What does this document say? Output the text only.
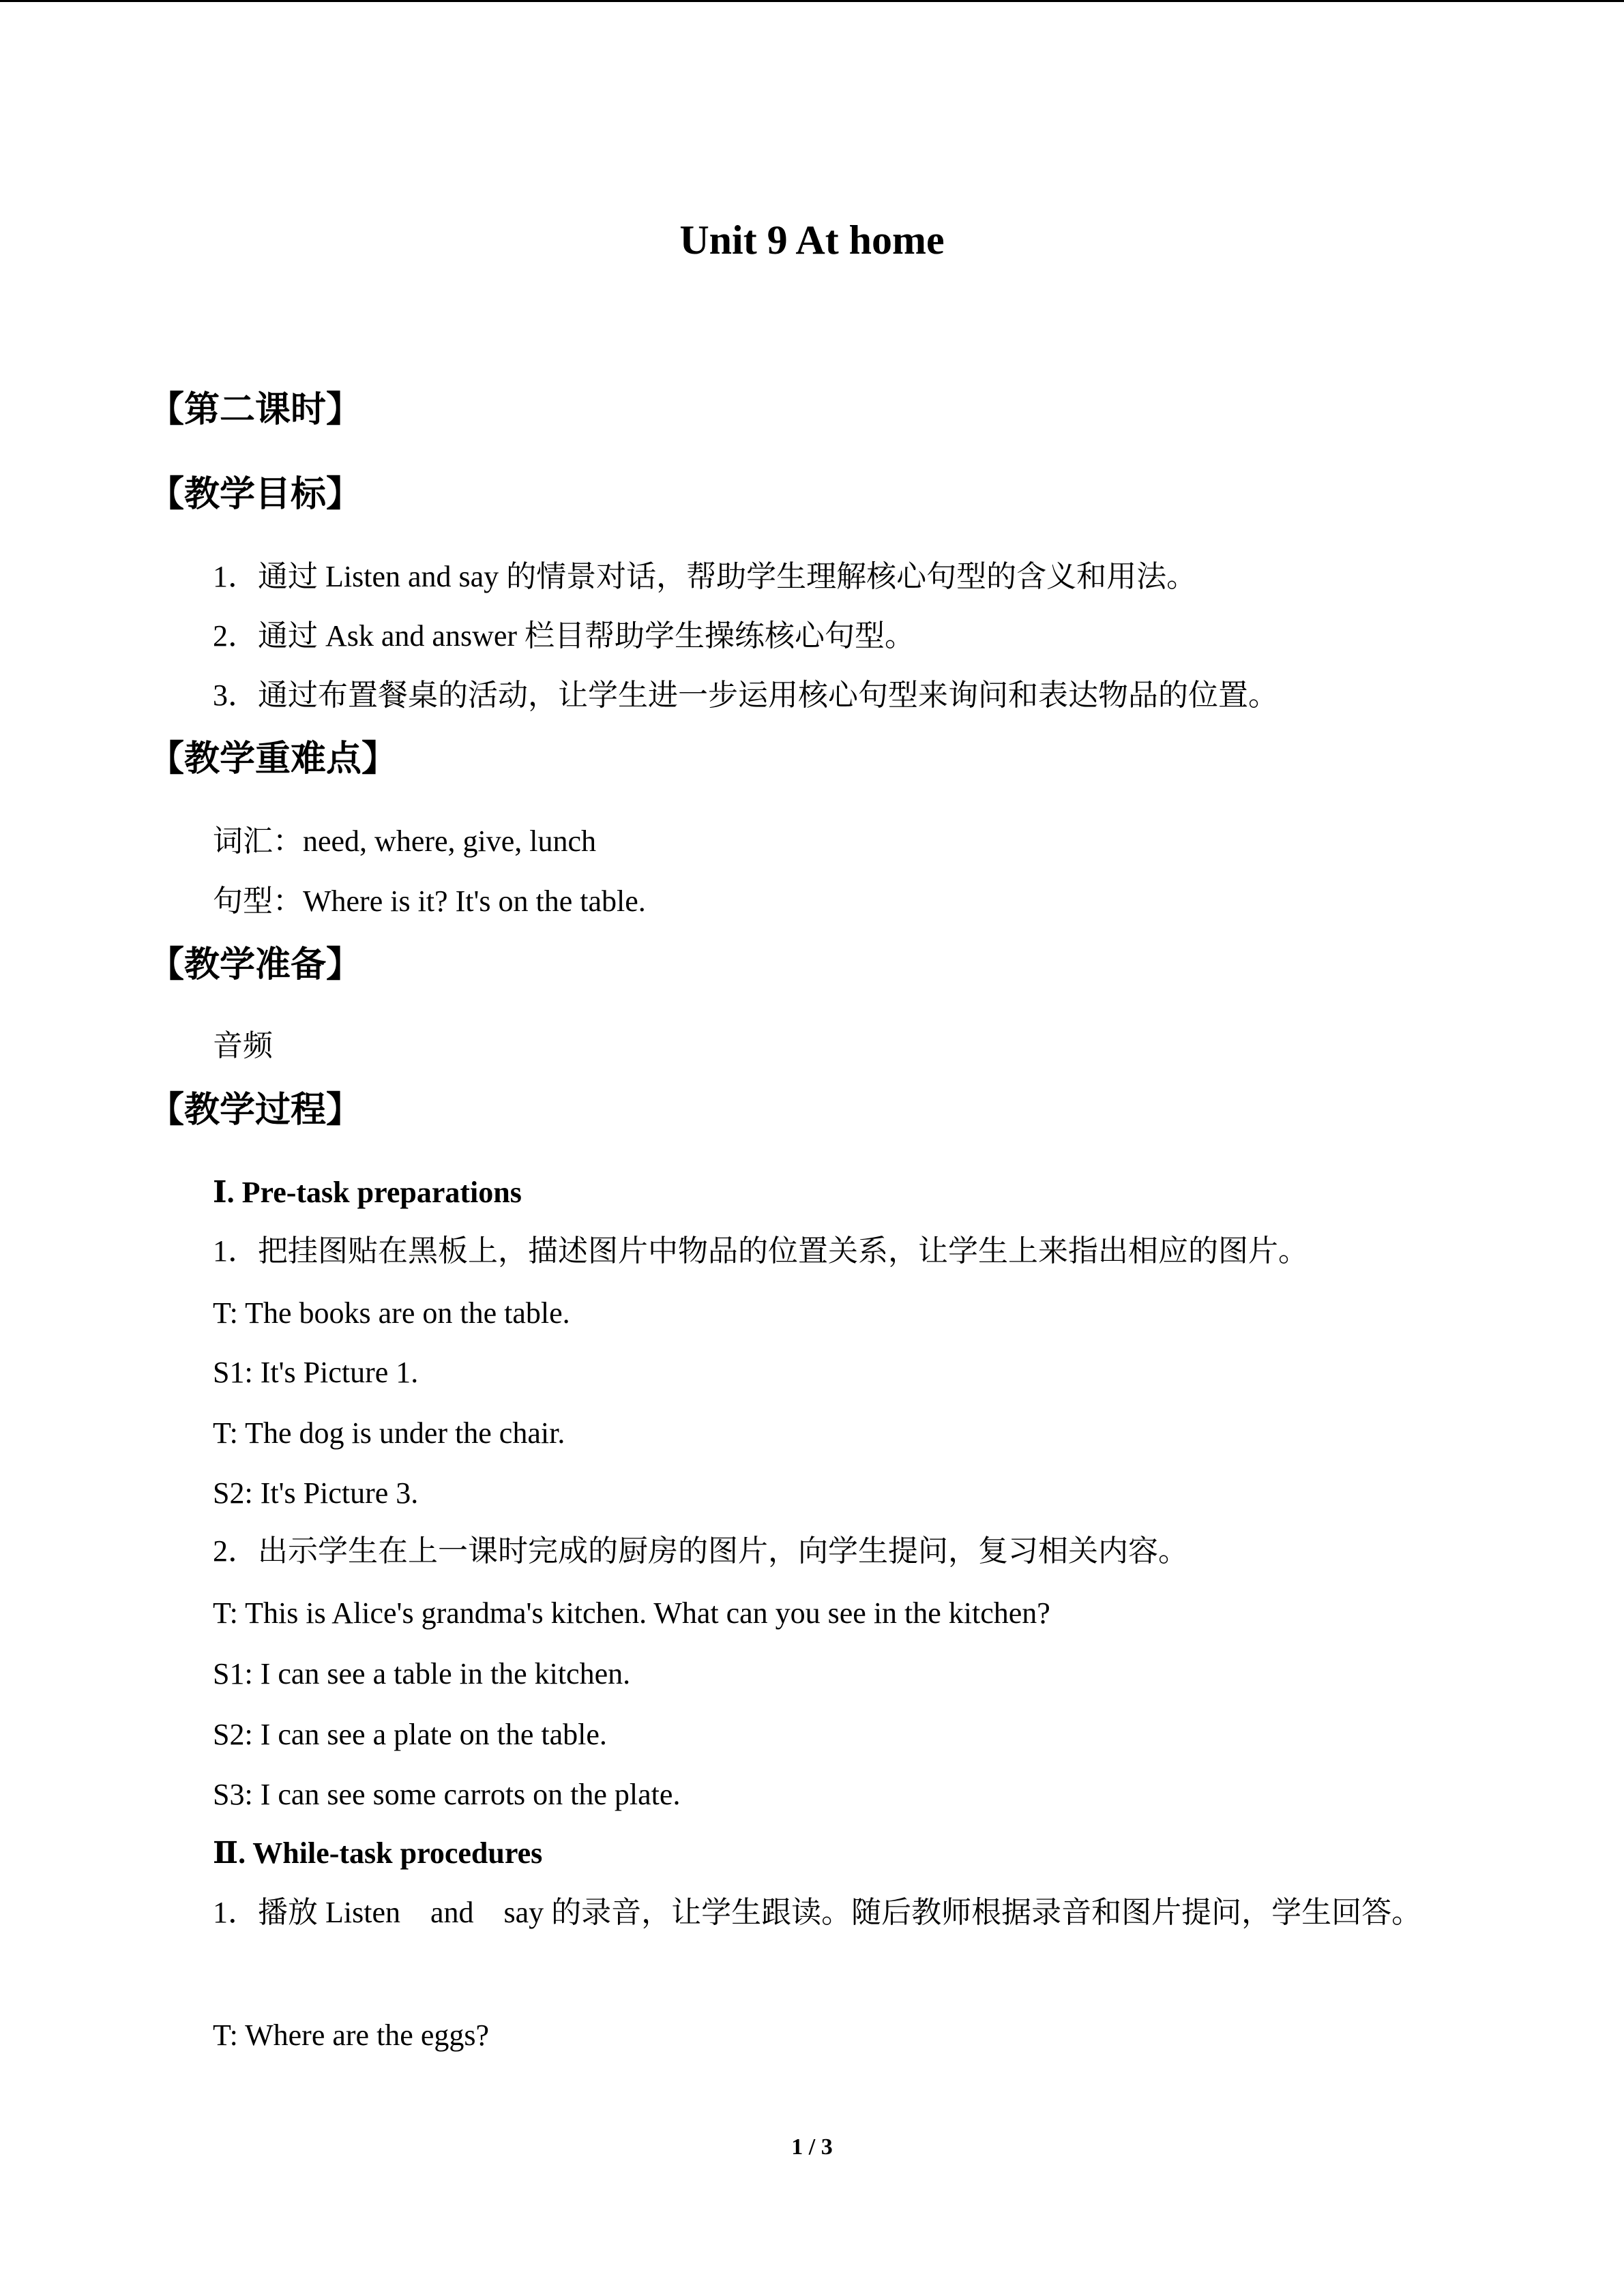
Unit 9 At home
【第二课时】
【教学目标】
1．通过 Listen and say 的情景对话，帮助学生理解核心句型的含义和用法。
2．通过 Ask and answer 栏目帮助学生操练核心句型。
3．通过布置餐桌的活动，让学生进一步运用核心句型来询问和表达物品的位置。
【教学重难点】
词汇：need, where, give, lunch
句型：Where is it? It's on the table.
【教学准备】
音频
【教学过程】
Ⅰ. Pre-task preparations
1．把挂图贴在黑板上，描述图片中物品的位置关系，让学生上来指出相应的图片。
T: The books are on the table.
S1: It's Picture 1.
T: The dog is under the chair.
S2: It's Picture 3.
2．出示学生在上一课时完成的厨房的图片，向学生提问，复习相关内容。
T: This is Alice's grandma's kitchen. What can you see in the kitchen?
S1: I can see a table in the kitchen.
S2: I can see a plate on the table.
S3: I can see some carrots on the plate.
Ⅱ. While-task procedures
1．播放 Listen　and　say 的录音，让学生跟读。随后教师根据录音和图片提问，学生回答。
T: Where are the eggs?
1 / 3
